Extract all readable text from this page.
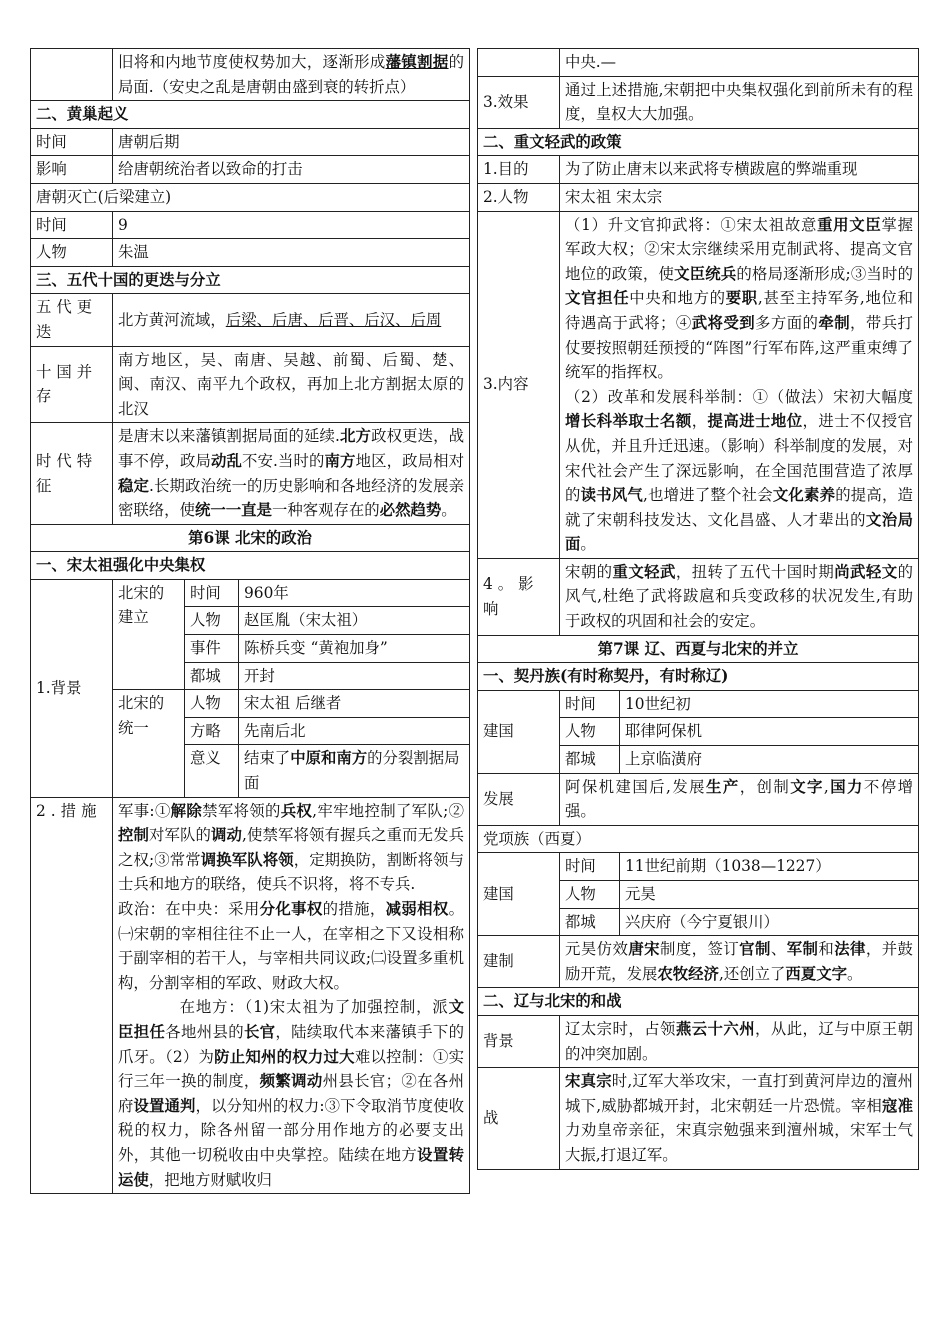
	旧将和内地节度使权势加大，逐渐形成藩镇割据的局面.（安史之乱是唐朝由盛到衰的转折点）		
二、黄巢起义			
时间	唐朝后期		
影响	给唐朝统治者以致命的打击		
唐朝灭亡(后梁建立)			
时间	9		
人物	朱温		
三、五代十国的更迭与分立			
五代更迭	北方黄河流域，后梁、后唐、后晋、后汉、后周		
十国并存	南方地区，吴、南唐、吴越、前蜀、后蜀、楚、闽、南汉、南平九个政权，再加上北方割据太原的北汉		
时代特征	是唐末以来藩镇割据局面的延续.北方政权更迭，战事不停，政局动乱不安.当时的南方地区，政局相对稳定.长期政治统一的历史影响和各地经济的发展亲密联络，使统一一直是一种客观存在的必然趋势。		
第6课 北宋的政治			
一、宋太祖强化中央集权			
1.背景	北宋的建立	时间	960年
		人物	赵匡胤（宋太祖）
		事件	陈桥兵变 “黄袍加身”
		都城	开封
	北宋的统一	人物	宋太祖 后继者
		方略	先南后北
		意义	结束了中原和南方的分裂割据局面

2.措施	军事:①解除禁军将领的兵权,牢牢地控制了军队;②控制对军队的调动,使禁军将领有握兵之重而无发兵之权;③常常调换军队将领，定期换防，割断将领与士兵和地方的联络，使兵不识将，将不专兵.
政治：在中央：采用分化事权的措施，减弱相权。㈠宋朝的宰相往往不止一人，在宰相之下又设相称于副宰相的若干人，与宰相共同议政;㈡设置多重机构，分割宰相的军政、财政大权。
在地方：（1)宋太祖为了加强控制，派文臣担任各地州县的长官，陆续取代本来藩镇手下的爪牙。（2）为防止知州的权力过大难以控制：①实行三年一换的制度，频繁调动州县长官；②在各州府设置通判，以分知州的权力:③下令取消节度使收税的权力，除各州留一部分用作地方的必要支出外，其他一切税收由中央掌控。陆续在地方设置转运使，把地方财赋收归		
	中央.—	
3.效果	通过上述措施,宋朝把中央集权强化到前所未有的程度，皇权大大加强。	
二、重文轻武的政策		
1.目的	为了防止唐末以来武将专横跋扈的弊端重现	
2.人物	宋太祖 宋太宗	
3.内容	（1）升文官抑武将：①宋太祖故意重用文臣掌握军政大权；②宋太宗继续采用克制武将、提高文官地位的政策，使文臣统兵的格局逐渐形成;③当时的文官担任中央和地方的要职,甚至主持军务,地位和待遇高于武将；④武将受到多方面的牵制，带兵打仗要按照朝廷预授的“阵图”行军布阵,这严重束缚了统军的指挥权。
（2）改革和发展科举制：①（做法）宋初大幅度增长科举取士名额，提高进士地位，进士不仅授官从优，并且升迁迅速。（影响）科举制度的发展，对宋代社会产生了深远影响，在全国范围营造了浓厚的读书风气,也增进了整个社会文化素养的提高，造就了宋朝科技发达、文化昌盛、人才辈出的文治局面。	

4。影响	宋朝的重文轻武，扭转了五代十国时期尚武轻文的风气,杜绝了武将跋扈和兵变政移的状况发生,有助于政权的巩固和社会的安定。	
第7课 辽、西夏与北宋的并立		
一、契丹族(有时称契丹，有时称辽)		
建国	时间	10世纪初
	人物	耶律阿保机
	都城	上京临潢府
发展	阿保机建国后,发展生产，创制文字,国力不停增强。	
党项族（西夏）		
建国	时间	11世纪前期（1038—1227）
	人物	元昊
	都城	兴庆府（今宁夏银川）
建制	元昊仿效唐宋制度，签订官制、军制和法律，并鼓励开荒，发展农牧经济,还创立了西夏文字。	
二、辽与北宋的和战		
背景	辽太宗时，占领燕云十六州，从此，辽与中原王朝的冲突加剧。	
战	宋真宗时,辽军大举攻宋，一直打到黄河岸边的澶州城下,威胁都城开封，北宋朝廷一片恐慌。宰相寇准力劝皇帝亲征，宋真宗勉强来到澶州城，宋军士气大振,打退辽军。	
